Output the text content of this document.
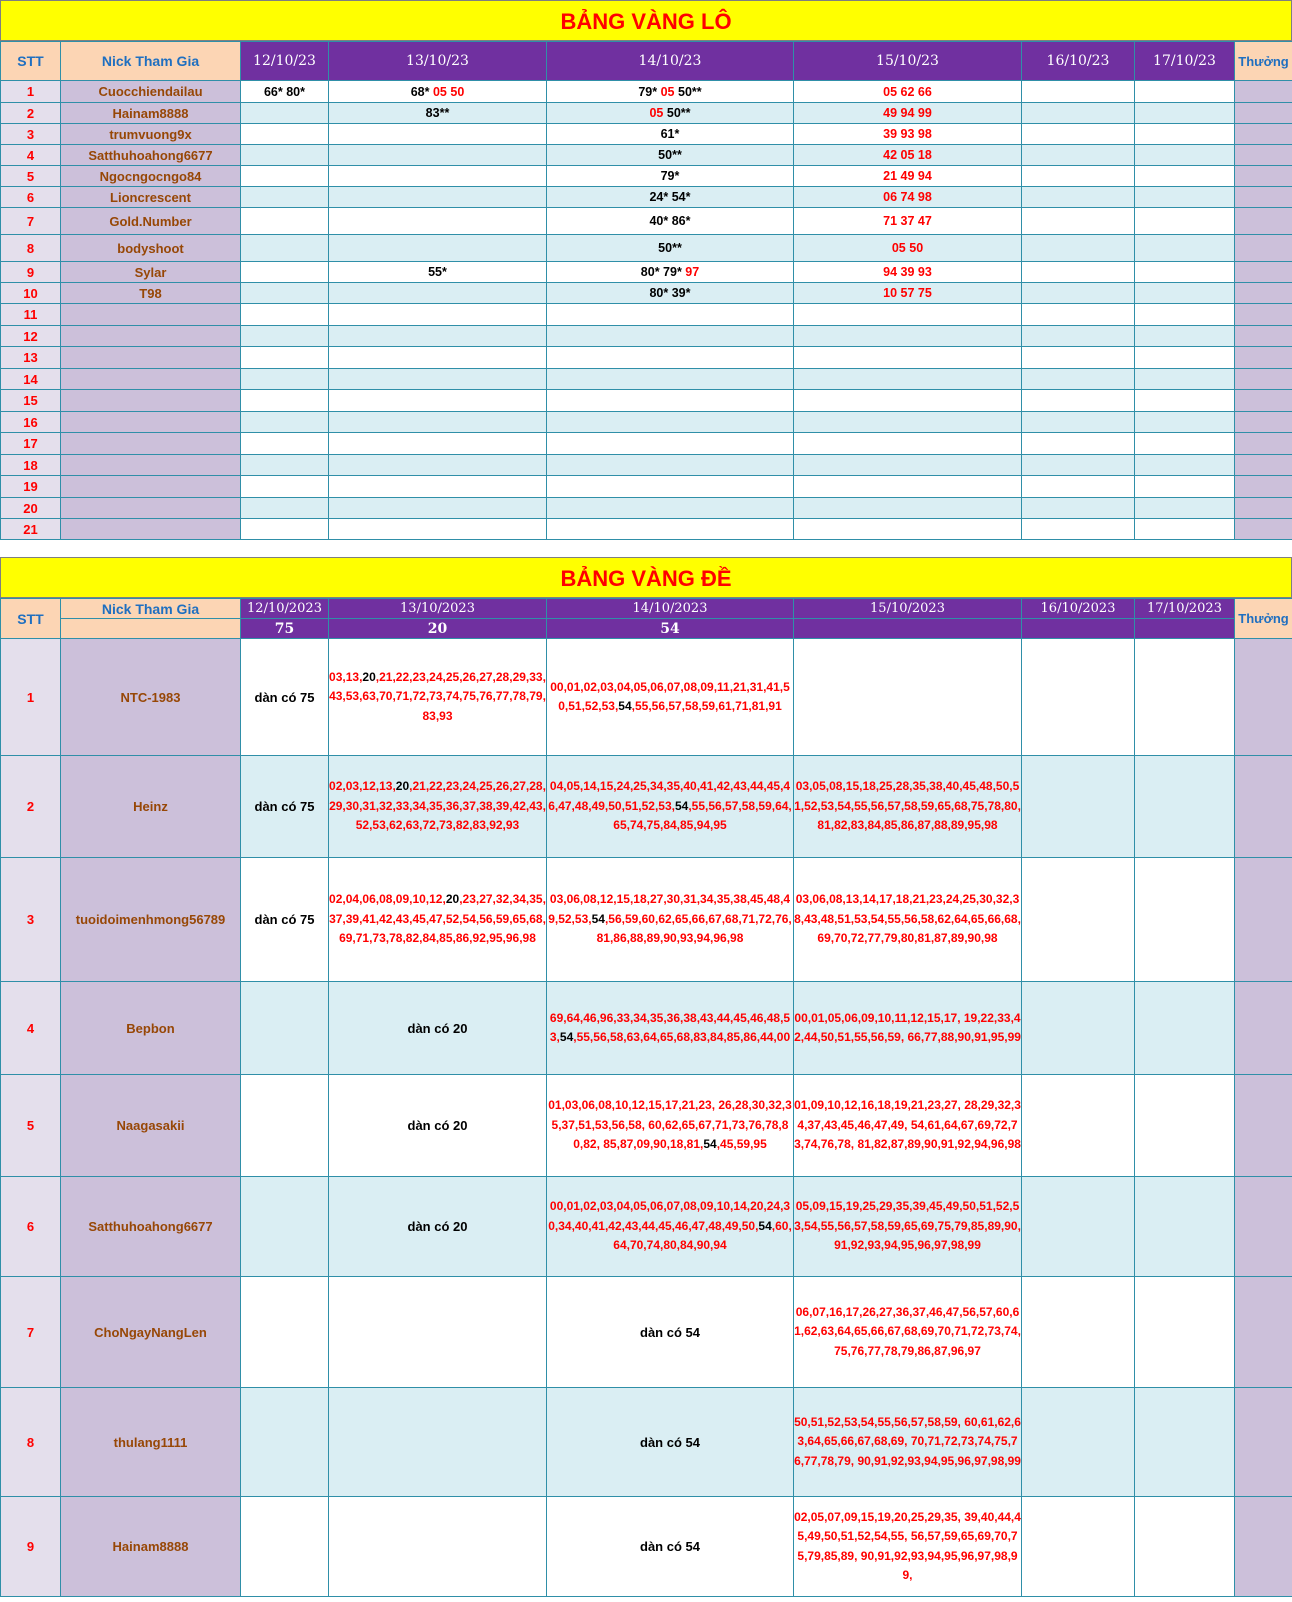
BẢNG VÀNG LÔ
STT	Nick Tham Gia	12/10/23	13/10/23	14/10/23	15/10/23	16/10/23	17/10/23	Thưởng
1	Cuocchiendailau	66* 80*	68* 05 50	79* 05 50**	05 62 66			
2	Hainam8888		83**	05 50**	49 94 99			
3	trumvuong9x			61*	39 93 98			
4	Satthuhoahong6677			50**	42 05 18			
5	Ngocngocngo84			79*	21 49 94			
6	Lioncrescent			24* 54*	06 74 98			
7	Gold.Number			40* 86*	71 37 47			
8	bodyshoot			50**	05 50			
9	Sylar		55*	80* 79* 97	94 39 93			
10	T98			80* 39*	10 57 75			
11								
12								
13								
14								
15								
16								
17								
18								
19								
20								
21								
BẢNG VÀNG ĐỀ
STT	Nick Tham Gia	12/10/2023	13/10/2023	14/10/2023	15/10/2023	16/10/2023	17/10/2023	Thưởng
		75	20	54				
1	NTC-1983	dàn có 75	03,13,20,21,22,23,24,25,26,27,28,29,33,43,53,63,70,71,72,73,74,75,76,77,78,79,83,93	00,01,02,03,04,05,06,07,08,09,11,21,31,41,50,51,52,53,54,55,56,57,58,59,61,71,81,91				
2	Heinz	dàn có 75	02,03,12,13,20,21,22,23,24,25,26,27,28,29,30,31,32,33,34,35,36,37,38,39,42,43,52,53,62,63,72,73,82,83,92,93	04,05,14,15,24,25,34,35,40,41,42,43,44,45,46,47,48,49,50,51,52,53,54,55,56,57,58,59,64,65,74,75,84,85,94,95	03,05,08,15,18,25,28,35,38,40,45,48,50,51,52,53,54,55,56,57,58,59,65,68,75,78,80,81,82,83,84,85,86,87,88,89,95,98			
3	tuoidoimenhmong56789	dàn có 75	02,04,06,08,09,10,12,20,23,27,32,34,35,37,39,41,42,43,45,47,52,54,56,59,65,68,69,71,73,78,82,84,85,86,92,95,96,98	03,06,08,12,15,18,27,30,31,34,35,38,45,48,49,52,53,54,56,59,60,62,65,66,67,68,71,72,76,81,86,88,89,90,93,94,96,98	03,06,08,13,14,17,18,21,23,24,25,30,32,38,43,48,51,53,54,55,56,58,62,64,65,66,68,69,70,72,77,79,80,81,87,89,90,98			
4	Bepbon		dàn có 20	69,64,46,96,33,34,35,36,38,43,44,45,46,48,53,54,55,56,58,63,64,65,68,83,84,85,86,44,00	00,01,05,06,09,10,11,12,15,17, 19,22,33,42,44,50,51,55,56,59, 66,77,88,90,91,95,99			
5	Naagasakii		dàn có 20	01,03,06,08,10,12,15,17,21,23, 26,28,30,32,35,37,51,53,56,58, 60,62,65,67,71,73,76,78,80,82, 85,87,09,90,18,81,54,45,59,95	01,09,10,12,16,18,19,21,23,27, 28,29,32,34,37,43,45,46,47,49, 54,61,64,67,69,72,73,74,76,78, 81,82,87,89,90,91,92,94,96,98			
6	Satthuhoahong6677		dàn có 20	00,01,02,03,04,05,06,07,08,09,10,14,20,24,30,34,40,41,42,43,44,45,46,47,48,49,50,54,60,64,70,74,80,84,90,94	05,09,15,19,25,29,35,39,45,49,50,51,52,53,54,55,56,57,58,59,65,69,75,79,85,89,90,91,92,93,94,95,96,97,98,99			
7	ChoNgayNangLen			dàn có 54	06,07,16,17,26,27,36,37,46,47,56,57,60,61,62,63,64,65,66,67,68,69,70,71,72,73,74,75,76,77,78,79,86,87,96,97			
8	thulang1111			dàn có 54	50,51,52,53,54,55,56,57,58,59, 60,61,62,63,64,65,66,67,68,69, 70,71,72,73,74,75,76,77,78,79, 90,91,92,93,94,95,96,97,98,99			
9	Hainam8888			dàn có 54	02,05,07,09,15,19,20,25,29,35, 39,40,44,45,49,50,51,52,54,55, 56,57,59,65,69,70,75,79,85,89, 90,91,92,93,94,95,96,97,98,99,			
